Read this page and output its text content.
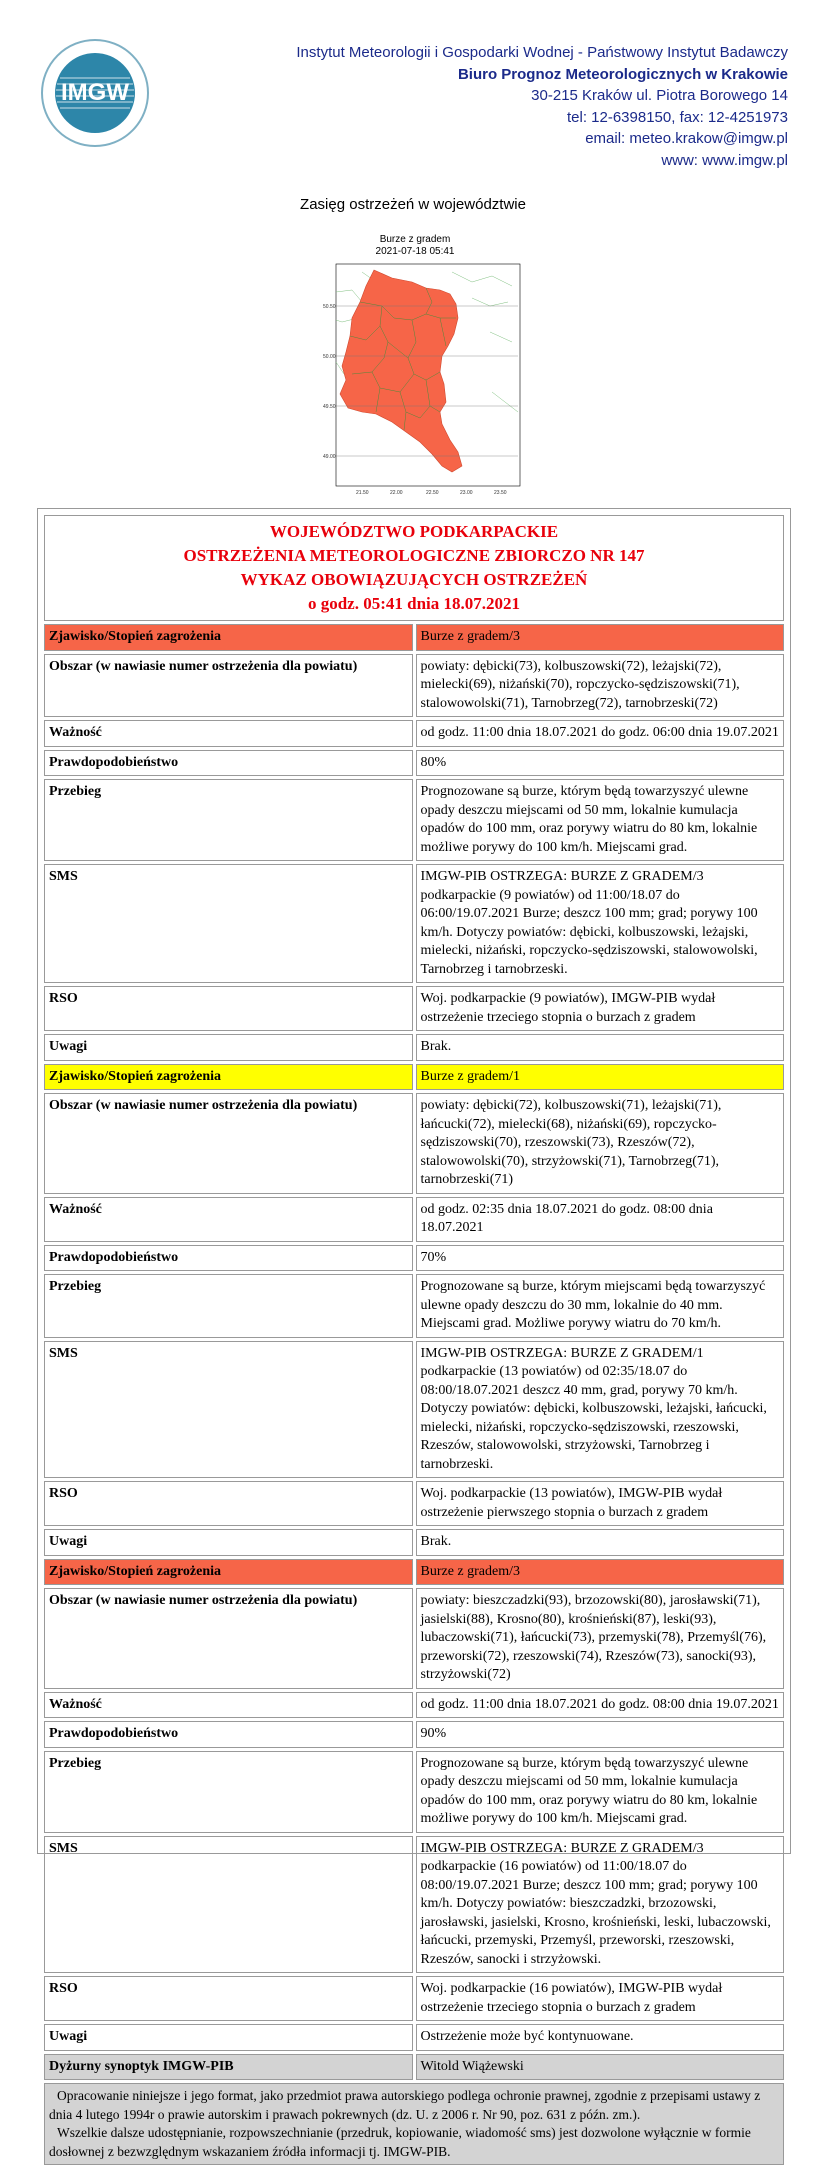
IMGW
Instytut Meteorologii i Gospodarki Wodnej - Państwowy Instytut Badawczy
Biuro Prognoz Meteorologicznych w Krakowie
30-215 Kraków ul. Piotra Borowego 14
tel: 12-6398150, fax: 12-4251973
email: meteo.krakow@imgw.pl
www: www.imgw.pl
Zasięg ostrzeżeń w województwie
Burze z gradem
2021-07-18 05:41
50.50
50.00
49.50
49.00
21.50	22.00	22.50	23.00	23.50
WOJEWÓDZTWO PODKARPACKIE
OSTRZEŻENIA METEOROLOGICZNE ZBIORCZO NR 147
WYKAZ OBOWIĄZUJĄCYCH OSTRZEŻEŃ
o godz. 05:41 dnia 18.07.2021	

Zjawisko/Stopień zagrożenia	Burze z gradem/3
Obszar (w nawiasie numer ostrzeżenia dla powiatu)	powiaty: dębicki(73), kolbuszowski(72), leżajski(72), mielecki(69), niżański(70), ropczycko-sędziszowski(71), stalowowolski(71), Tarnobrzeg(72), tarnobrzeski(72)
Ważność	od godz. 11:00 dnia 18.07.2021 do godz. 06:00 dnia 19.07.2021
Prawdopodobieństwo	80%
Przebieg	Prognozowane są burze, którym będą towarzyszyć ulewne opady deszczu miejscami od 50 mm, lokalnie kumulacja opadów do 100 mm, oraz porywy wiatru do 80 km, lokalnie możliwe porywy do 100 km/h. Miejscami grad.
SMS	IMGW-PIB OSTRZEGA: BURZE Z GRADEM/3 podkarpackie (9 powiatów) od 11:00/18.07 do 06:00/19.07.2021 Burze; deszcz 100 mm; grad; porywy 100 km/h. Dotyczy powiatów: dębicki, kolbuszowski, leżajski, mielecki, niżański, ropczycko-sędziszowski, stalowowolski, Tarnobrzeg i tarnobrzeski.
RSO	Woj. podkarpackie (9 powiatów), IMGW-PIB wydał ostrzeżenie trzeciego stopnia o burzach z gradem
Uwagi	Brak.
Zjawisko/Stopień zagrożenia	Burze z gradem/1
Obszar (w nawiasie numer ostrzeżenia dla powiatu)	powiaty: dębicki(72), kolbuszowski(71), leżajski(71), łańcucki(72), mielecki(68), niżański(69), ropczycko-sędziszowski(70), rzeszowski(73), Rzeszów(72), stalowowolski(70), strzyżowski(71), Tarnobrzeg(71), tarnobrzeski(71)
Ważność	od godz. 02:35 dnia 18.07.2021 do godz. 08:00 dnia 18.07.2021
Prawdopodobieństwo	70%
Przebieg	Prognozowane są burze, którym miejscami będą towarzyszyć ulewne opady deszczu do 30 mm, lokalnie do 40 mm. Miejscami grad. Możliwe porywy wiatru do 70 km/h.
SMS	IMGW-PIB OSTRZEGA: BURZE Z GRADEM/1 podkarpackie (13 powiatów) od 02:35/18.07 do 08:00/18.07.2021 deszcz 40 mm, grad, porywy 70 km/h. Dotyczy powiatów: dębicki, kolbuszowski, leżajski, łańcucki, mielecki, niżański, ropczycko-sędziszowski, rzeszowski, Rzeszów, stalowowolski, strzyżowski, Tarnobrzeg i tarnobrzeski.
RSO	Woj. podkarpackie (13 powiatów), IMGW-PIB wydał ostrzeżenie pierwszego stopnia o burzach z gradem
Uwagi	Brak.
Zjawisko/Stopień zagrożenia	Burze z gradem/3
Obszar (w nawiasie numer ostrzeżenia dla powiatu)	powiaty: bieszczadzki(93), brzozowski(80), jarosławski(71), jasielski(88), Krosno(80), krośnieński(87), leski(93), lubaczowski(71), łańcucki(73), przemyski(78), Przemyśl(76), przeworski(72), rzeszowski(74), Rzeszów(73), sanocki(93), strzyżowski(72)
Ważność	od godz. 11:00 dnia 18.07.2021 do godz. 08:00 dnia 19.07.2021
Prawdopodobieństwo	90%
Przebieg	Prognozowane są burze, którym będą towarzyszyć ulewne opady deszczu miejscami od 50 mm, lokalnie kumulacja opadów do 100 mm, oraz porywy wiatru do 80 km, lokalnie możliwe porywy do 100 km/h. Miejscami grad.
SMS	IMGW-PIB OSTRZEGA: BURZE Z GRADEM/3 podkarpackie (16 powiatów) od 11:00/18.07 do 08:00/19.07.2021 Burze; deszcz 100 mm; grad; porywy 100 km/h. Dotyczy powiatów: bieszczadzki, brzozowski, jarosławski, jasielski, Krosno, krośnieński, leski, lubaczowski, łańcucki, przemyski, Przemyśl, przeworski, rzeszowski, Rzeszów, sanocki i strzyżowski.
RSO	Woj. podkarpackie (16 powiatów), IMGW-PIB wydał ostrzeżenie trzeciego stopnia o burzach z gradem
Uwagi	Ostrzeżenie może być kontynuowane.
Dyżurny synoptyk IMGW-PIB	Witold Wiążewski

Opracowanie niniejsze i jego format, jako przedmiot prawa autorskiego podlega ochronie prawnej, zgodnie z przepisami ustawy z dnia 4 lutego 1994r o prawie autorskim i prawach pokrewnych (dz. U. z 2006 r. Nr 90, poz. 631 z późn. zm.).

Wszelkie dalsze udostępnianie, rozpowszechnianie (przedruk, kopiowanie, wiadomość sms) jest dozwolone wyłącznie w formie dosłownej z bezwzględnym wskazaniem źródła informacji tj. IMGW-PIB.	
